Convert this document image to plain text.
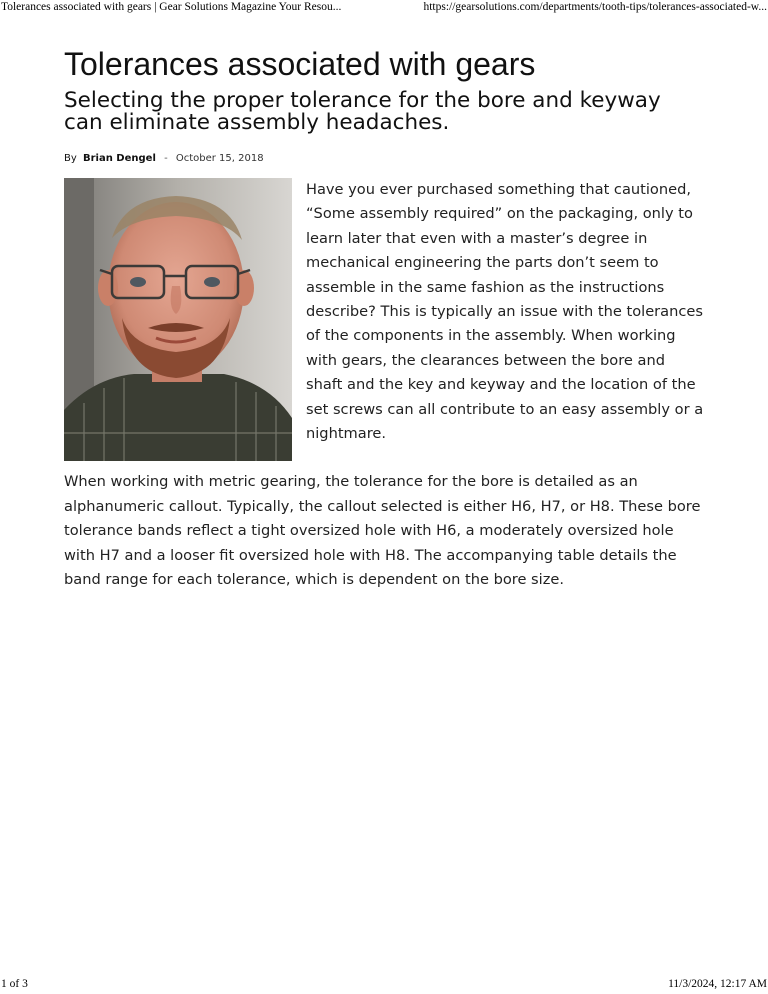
Tolerances associated with gears | Gear Solutions Magazine Your Resou...	https://gearsolutions.com/departments/tooth-tips/tolerances-associated-w...
Tolerances associated with gears
Selecting the proper tolerance for the bore and keyway can eliminate assembly headaches.
By Brian Dengel - October 15, 2018

Have you ever purchased something that cautioned, “Some assembly required” on the packaging, only to learn later that even with a master’s degree in mechanical engineering the parts don’t seem to assemble in the same fashion as the instructions describe? This is typically an issue with the tolerances of the components in the assembly. When working with gears, the clearances between the bore and shaft and the key and keyway and the location of the set screws can all contribute to an easy assembly or a nightmare.

When working with metric gearing, the tolerance for the bore is detailed as an alphanumeric callout. Typically, the callout selected is either H6, H7, or H8. These bore tolerance bands reflect a tight oversized hole with H6, a moderately oversized hole with H7 and a looser fit oversized hole with H8. The accompanying table details the band range for each tolerance, which is dependent on the bore size.

1 of 3	11/3/2024, 12:17 AM
